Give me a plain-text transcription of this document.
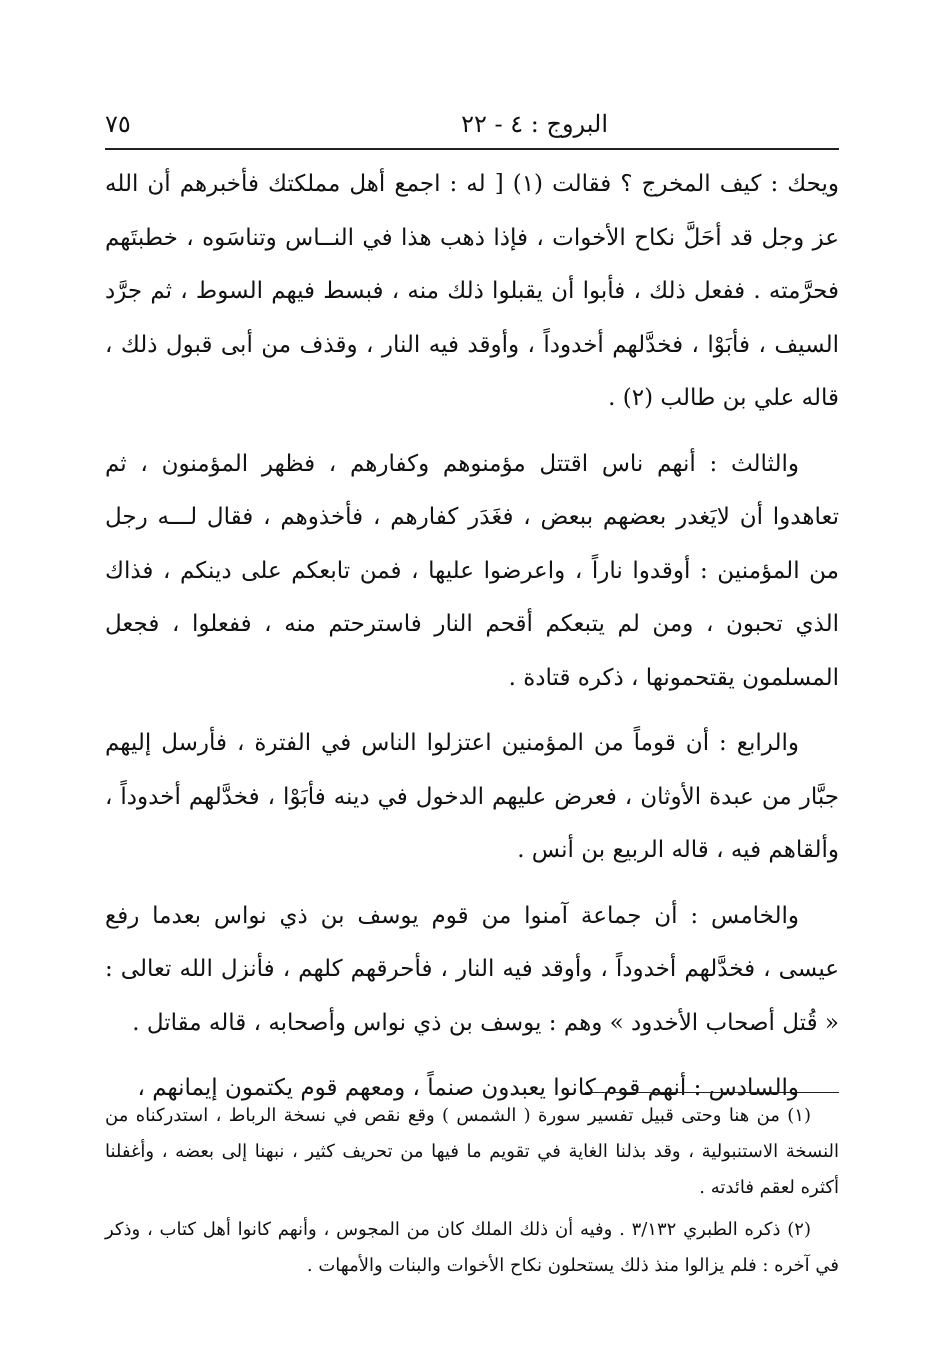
٧٥	البروج : ٤ - ٢٢

ويحك : كيف المخرج ؟ فقالت (١) [ له : اجمع أهل مملكتك فأخبرهم أن الله عز وجل قد أحَلَّ نكاح الأخوات ، فإذا ذهب هذا في النــاس وتناسَوه ، خطبتَهم فحرَّمته . ففعل ذلك ، فأبوا أن يقبلوا ذلك منه ، فبسط فيهم السوط ، ثم جرَّد السيف ، فأبَوْا ، فخدَّلهم أخدوداً ، وأوقد فيه النار ، وقذف من أبى قبول ذلك ، قاله علي بن طالب (٢) .

والثالث : أنهم ناس اقتتل مؤمنوهم وكفارهم ، فظهر المؤمنون ، ثم تعاهدوا أن لايَغدر بعضهم ببعض ، فغَدَر كفارهم ، فأخذوهم ، فقال لـــه رجل من المؤمنين : أوقدوا ناراً ، واعرضوا عليها ، فمن تابعكم على دينكم ، فذاك الذي تحبون ، ومن لم يتبعكم أقحم النار فاسترحتم منه ، ففعلوا ، فجعل المسلمون يقتحمونها ، ذكره قتادة .

والرابع : أن قوماً من المؤمنين اعتزلوا الناس في الفترة ، فأرسل إليهم جبَّار من عبدة الأوثان ، فعرض عليهم الدخول في دينه فأبَوْا ، فخدَّلهم أخدوداً ، وألقاهم فيه ، قاله الربيع بن أنس .

والخامس : أن جماعة آمنوا من قوم يوسف بن ذي نواس بعدما رفع عيسى ، فخدَّلهم أخدوداً ، وأوقد فيه النار ، فأحرقهم كلهم ، فأنزل الله تعالى : « قُتل أصحاب الأخدود » وهم : يوسف بن ذي نواس وأصحابه ، قاله مقاتل .

والسادس : أنهم قوم كانوا يعبدون صنماً ، ومعهم قوم يكتمون إيمانهم ،

(١) من هنا وحتى قبيل تفسير سورة ( الشمس ) وقع نقص في نسخة الرباط ، استدركناه من النسخة الاستنبولية ، وقد بذلنا الغاية في تقويم ما فيها من تحريف كثير ، نبهنا إلى بعضه ، وأغفلنا أكثره لعقم فائدته .

(٢) ذكره الطبري ٣/١٣٢ . وفيه أن ذلك الملك كان من المجوس ، وأنهم كانوا أهل كتاب ، وذكر في آخره : فلم يزالوا منذ ذلك يستحلون نكاح الأخوات والبنات والأمهات .
